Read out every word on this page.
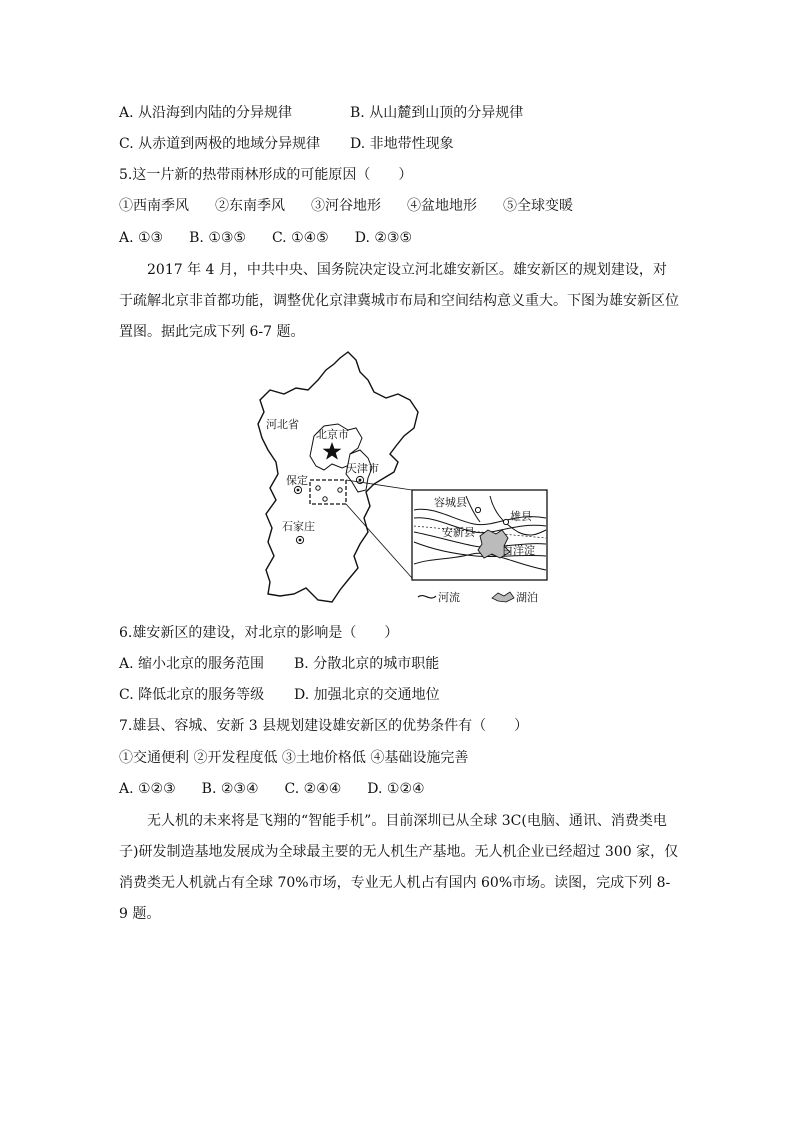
A. 从沿海到内陆的分异规律	B. 从山麓到山顶的分异规律
C. 从赤道到两极的地域分异规律 D. 非地带性现象
5.这一片新的热带雨林形成的可能原因（　　）
①西南季风 ②东南季风 ③河谷地形 ④盆地地形 ⑤全球变暖
A. ①③ B. ①③⑤ C. ①④⑤ D. ②③⑤
2017 年 4 月，中共中央、国务院决定设立河北雄安新区。雄安新区的规划建设，对于疏解北京非首都功能，调整优化京津冀城市布局和空间结构意义重大。下图为雄安新区位置图。据此完成下列 6-7 题。
河北省
北京市
天津市
保定
石家庄
容城县
雄县
安新县
白洋淀
河流	湖泊
6.雄安新区的建设，对北京的影响是（　　）
A. 缩小北京的服务范围 B. 分散北京的城市职能
C. 降低北京的服务等级 D. 加强北京的交通地位
7.雄县、容城、安新 3 县规划建设雄安新区的优势条件有（　　）
①交通便利 ②开发程度低 ③土地价格低 ④基础设施完善
A. ①②③ B. ②③④ C. ②④④ D. ①②④
无人机的未来将是飞翔的“智能手机”。目前深圳已从全球 3C(电脑、通讯、消费类电子)研发制造基地发展成为全球最主要的无人机生产基地。无人机企业已经超过 300 家，仅消费类无人机就占有全球 70%市场，专业无人机占有国内 60%市场。读图，完成下列 8-9 题。
